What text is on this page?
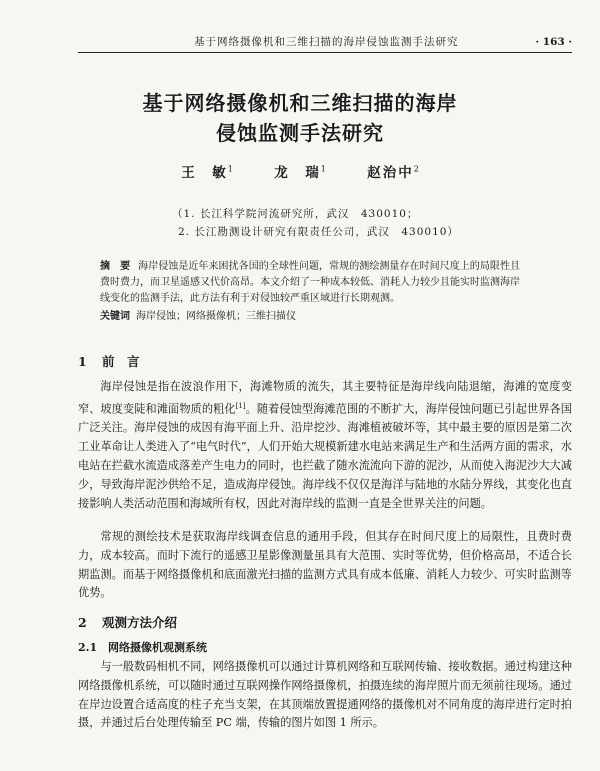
基于网络摄像机和三维扫描的海岸侵蚀监测手法研究	· 163 ·
基于网络摄像机和三维扫描的海岸
侵蚀监测手法研究
王　敏$^1$	龙　瑞$^1$	赵治中$^2$
（1. 长江科学院河流研究所，武汉　430010；
2. 长江勘测设计研究有限责任公司，武汉　430010）
摘　要 海岸侵蚀是近年来困扰各国的全球性问题，常规的测绘测量存在时间尺度上的局限性且费时费力，而卫星遥感又代价高昂。本文介绍了一种成本较低、消耗人力较少且能实时监测海岸线变化的监测手法，此方法有利于对侵蚀较严重区域进行长期观测。
关键词 海岸侵蚀；网络摄像机；三维扫描仪
1 前　言
海岸侵蚀是指在波浪作用下，海滩物质的流失，其主要特征是海岸线向陆退缩，海滩的宽度变窄、坡度变陡和滩面物质的粗化[1]。随着侵蚀型海滩范围的不断扩大，海岸侵蚀问题已引起世界各国广泛关注。海岸侵蚀的成因有海平面上升、沿岸挖沙、海滩植被破坏等，其中最主要的原因是第二次工业革命让人类进入了“电气时代”，人们开始大规模新建水电站来满足生产和生活两方面的需求，水电站在拦截水流造成落差产生电力的同时，也拦截了随水流流向下游的泥沙，从而使入海泥沙大大减少，导致海岸泥沙供给不足，造成海岸侵蚀。海岸线不仅仅是海洋与陆地的水陆分界线，其变化也直接影响人类活动范围和海域所有权，因此对海岸线的监测一直是全世界关注的问题。
常规的测绘技术是获取海岸线调查信息的通用手段，但其存在时间尺度上的局限性，且费时费力，成本较高。而时下流行的遥感卫星影像测量虽具有大范围、实时等优势，但价格高昂，不适合长期监测。而基于网络摄像机和底面激光扫描的监测方式具有成本低廉、消耗人力较少、可实时监测等优势。
2 观测方法介绍
2.1 网络摄像机观测系统
与一般数码相机不同，网络摄像机可以通过计算机网络和互联网传输、接收数据。通过构建这种网络摄像机系统，可以随时通过互联网操作网络摄像机，拍摄连续的海岸照片而无须前往现场。通过在岸边设置合适高度的柱子充当支架，在其顶端放置提通网络的摄像机对不同角度的海岸进行定时拍摄，并通过后台处理传输至 PC 端，传输的图片如图 1 所示。
